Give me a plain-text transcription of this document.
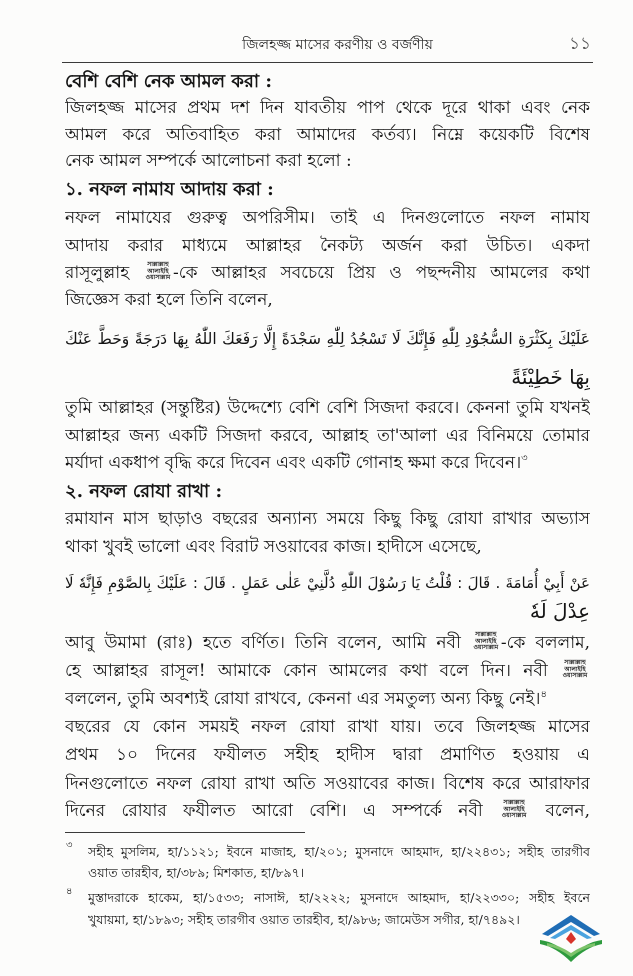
জিলহজ্জ মাসের করণীয় ও বর্জণীয়	১১
বেশি বেশি নেক আমল করা :
জিলহজ্জ মাসের প্রথম দশ দিন যাবতীয় পাপ থেকে দূরে থাকা এবং নেক
আমল করে অতিবাহিত করা আমাদের কর্তব্য। নিম্নে কয়েকটি বিশেষ
নেক আমল সম্পর্কে আলোচনা করা হলো :
১. নফল নামায আদায় করা :
নফল নামাযের গুরুত্ব অপরিসীম। তাই এ দিনগুলোতে নফল নামায
আদায় করার মাধ্যমে আল্লাহর নৈকট্য অর্জন করা উচিত। একদা
রাসূলুল্লাহ	সাল্লাল্লাহু
আলাইহি
ওয়াসাল্লাম -কে আল্লাহর সবচেয়ে প্রিয় ও পছন্দনীয় আমলের কথা
জিজ্ঞেস করা হলে তিনি বলেন,
عَلَيْكَ بِكَثْرَةِ السُّجُوْدِ لِلّٰهِ فَإِنَّكَ لَا تَسْجُدُ لِلّٰهِ سَجْدَةً إِلَّا رَفَعَكَ اللّٰهُ بِهَا دَرَجَةً وَحَطَّ عَنْكَ
بِهَا خَطِيْئَةً
তুমি আল্লাহর (সন্তুষ্টির) উদ্দেশ্যে বেশি বেশি সিজদা করবে। কেননা তুমি যখনই
আল্লাহর জন্য একটি সিজদা করবে, আল্লাহ তা'আলা এর বিনিময়ে তোমার
মর্যাদা একধাপ বৃদ্ধি করে দিবেন এবং একটি গোনাহ ক্ষমা করে দিবেন।$^৩$
২. নফল রোযা রাখা :
রমাযান মাস ছাড়াও বছরের অন্যান্য সময়ে কিছু কিছু রোযা রাখার অভ্যাস
থাকা খুবই ভালো এবং বিরাট সওয়াবের কাজ। হাদীসে এসেছে,
عَنْ أَبِيْ أُمَامَةَ . قَالَ : قُلْتُ يَا رَسُوْلَ اللّٰهِ دُلَّنِيْ عَلٰى عَمَلٍ . قَالَ : عَلَيْكَ بِالصَّوْمِ فَإِنَّهٗ لَا
عِدْلَ لَهٗ
আবু উমামা (রাঃ) হতে বর্ণিত। তিনি বলেন, আমি নবী	সাল্লাল্লাহু
আলাইহি
ওয়াসাল্লাম -কে বললাম,
হে আল্লাহর রাসূল! আমাকে কোন আমলের কথা বলে দিন। নবী	সাল্লাল্লাহু
আলাইহি
ওয়াসাল্লাম
বললেন, তুমি অবশ্যই রোযা রাখবে, কেননা এর সমতুল্য অন্য কিছু নেই।$^৪$
বছরের যে কোন সময়ই নফল রোযা রাখা যায়। তবে জিলহজ্জ মাসের
প্রথম ১০ দিনের ফযীলত সহীহ হাদীস দ্বারা প্রমাণিত হওয়ায় এ
দিনগুলোতে নফল রোযা রাখা অতি সওয়াবের কাজ। বিশেষ করে আরাফার
দিনের রোযার ফযীলত আরো বেশি। এ সম্পর্কে নবী	সাল্লাল্লাহু
আলাইহি
ওয়াসাল্লাম বলেন,
৩ সহীহ মুসলিম, হা/১১২১; ইবনে মাজাহ, হা/২০১; মুসনাদে আহমাদ, হা/২২৪৩১; সহীহ তারগীব
ওয়াত তারহীব, হা/৩৮৯; মিশকাত, হা/৮৯৭।
৪ মুস্তাদরাকে হাকেম, হা/১৫৩৩; নাসাঈ, হা/২২২২; মুসনাদে আহমাদ, হা/২২৩৩০; সহীহ ইবনে
খুযায়মা, হা/১৮৯৩; সহীহ তারগীব ওয়াত তারহীব, হা/৯৮৬; জামেউস সগীর, হা/৭৪৯২।
